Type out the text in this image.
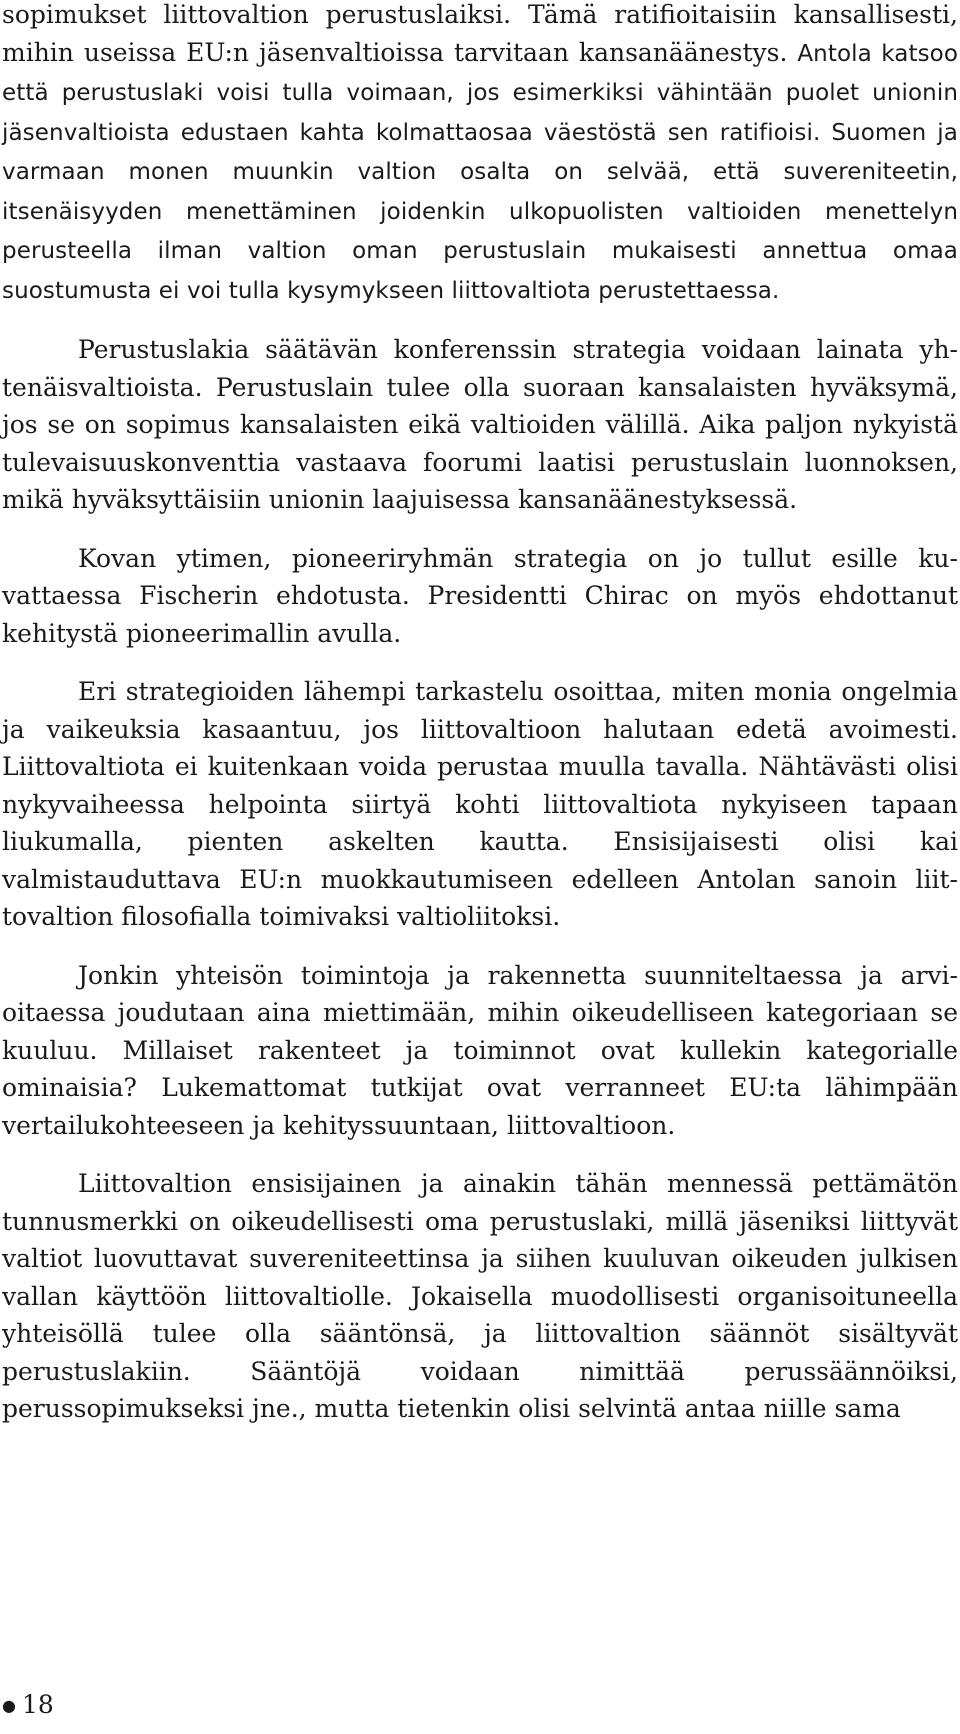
sopimukset liittovaltion perustuslaiksi. Tämä ratifioitaisiin kansallisesti, mihin useissa EU:n jäsenvaltioissa tarvitaan kansanäänestys. Antola katsoo että perustuslaki voisi tulla voimaan, jos esimerkiksi vähintään puolet unionin jäsenvaltioista edustaen kahta kolmattaosaa väestöstä sen ratifioisi. Suomen ja varmaan monen muunkin valtion osalta on selvää, että suvereniteetin, itsenäisyyden menettäminen joidenkin ulkopuolisten valtioiden menettelyn perusteella ilman valtion oman perustuslain mukaisesti annettua omaa suostumusta ei voi tulla kysymykseen liittovaltiota perustettaessa.

Perustuslakia säätävän konferenssin strategia voidaan lainata yhtenäisvaltioista. Perustuslain tulee olla suoraan kansalaisten hyväksymä, jos se on sopimus kansalaisten eikä valtioiden välillä. Aika paljon nykyistä tulevaisuuskonventtia vastaava foorumi laatisi perustuslain luonnoksen, mikä hyväksyttäisiin unionin laajuisessa kansanäänestyksessä.

Kovan ytimen, pioneeriryhmän strategia on jo tullut esille kuvattaessa Fischerin ehdotusta. Presidentti Chirac on myös ehdottanut kehitystä pioneerimallin avulla.

Eri strategioiden lähempi tarkastelu osoittaa, miten monia ongelmia ja vaikeuksia kasaantuu, jos liittovaltioon halutaan edetä avoimesti. Liittovaltiota ei kuitenkaan voida perustaa muulla tavalla. Nähtävästi olisi nykyvaiheessa helpointa siirtyä kohti liittovaltiota nykyiseen tapaan liukumalla, pienten askelten kautta. Ensisijaisesti olisi kai valmistauduttava EU:n muokkautumiseen edelleen Antolan sanoin liittovaltion filosofialla toimivaksi valtioliitoksi.

Jonkin yhteisön toimintoja ja rakennetta suunniteltaessa ja arvioitaessa joudutaan aina miettimään, mihin oikeudelliseen kategoriaan se kuuluu. Millaiset rakenteet ja toiminnot ovat kullekin kategorialle ominaisia? Lukemattomat tutkijat ovat verranneet EU:ta lähimpään vertailukohteeseen ja kehityssuuntaan, liittovaltioon.

Liittovaltion ensisijainen ja ainakin tähän mennessä pettämätön tunnusmerkki on oikeudellisesti oma perustuslaki, millä jäseniksi liittyvät valtiot luovuttavat suvereniteettinsa ja siihen kuuluvan oikeuden julkisen vallan käyttöön liittovaltiolle. Jokaisella muodollisesti organisoituneella yhteisöllä tulee olla sääntönsä, ja liittovaltion säännöt sisältyvät perustuslakiin. Sääntöjä voidaan nimittää perussäännöiksi, perussopimukseksi jne., mutta tietenkin olisi selvintä antaa niille sama

● 18
